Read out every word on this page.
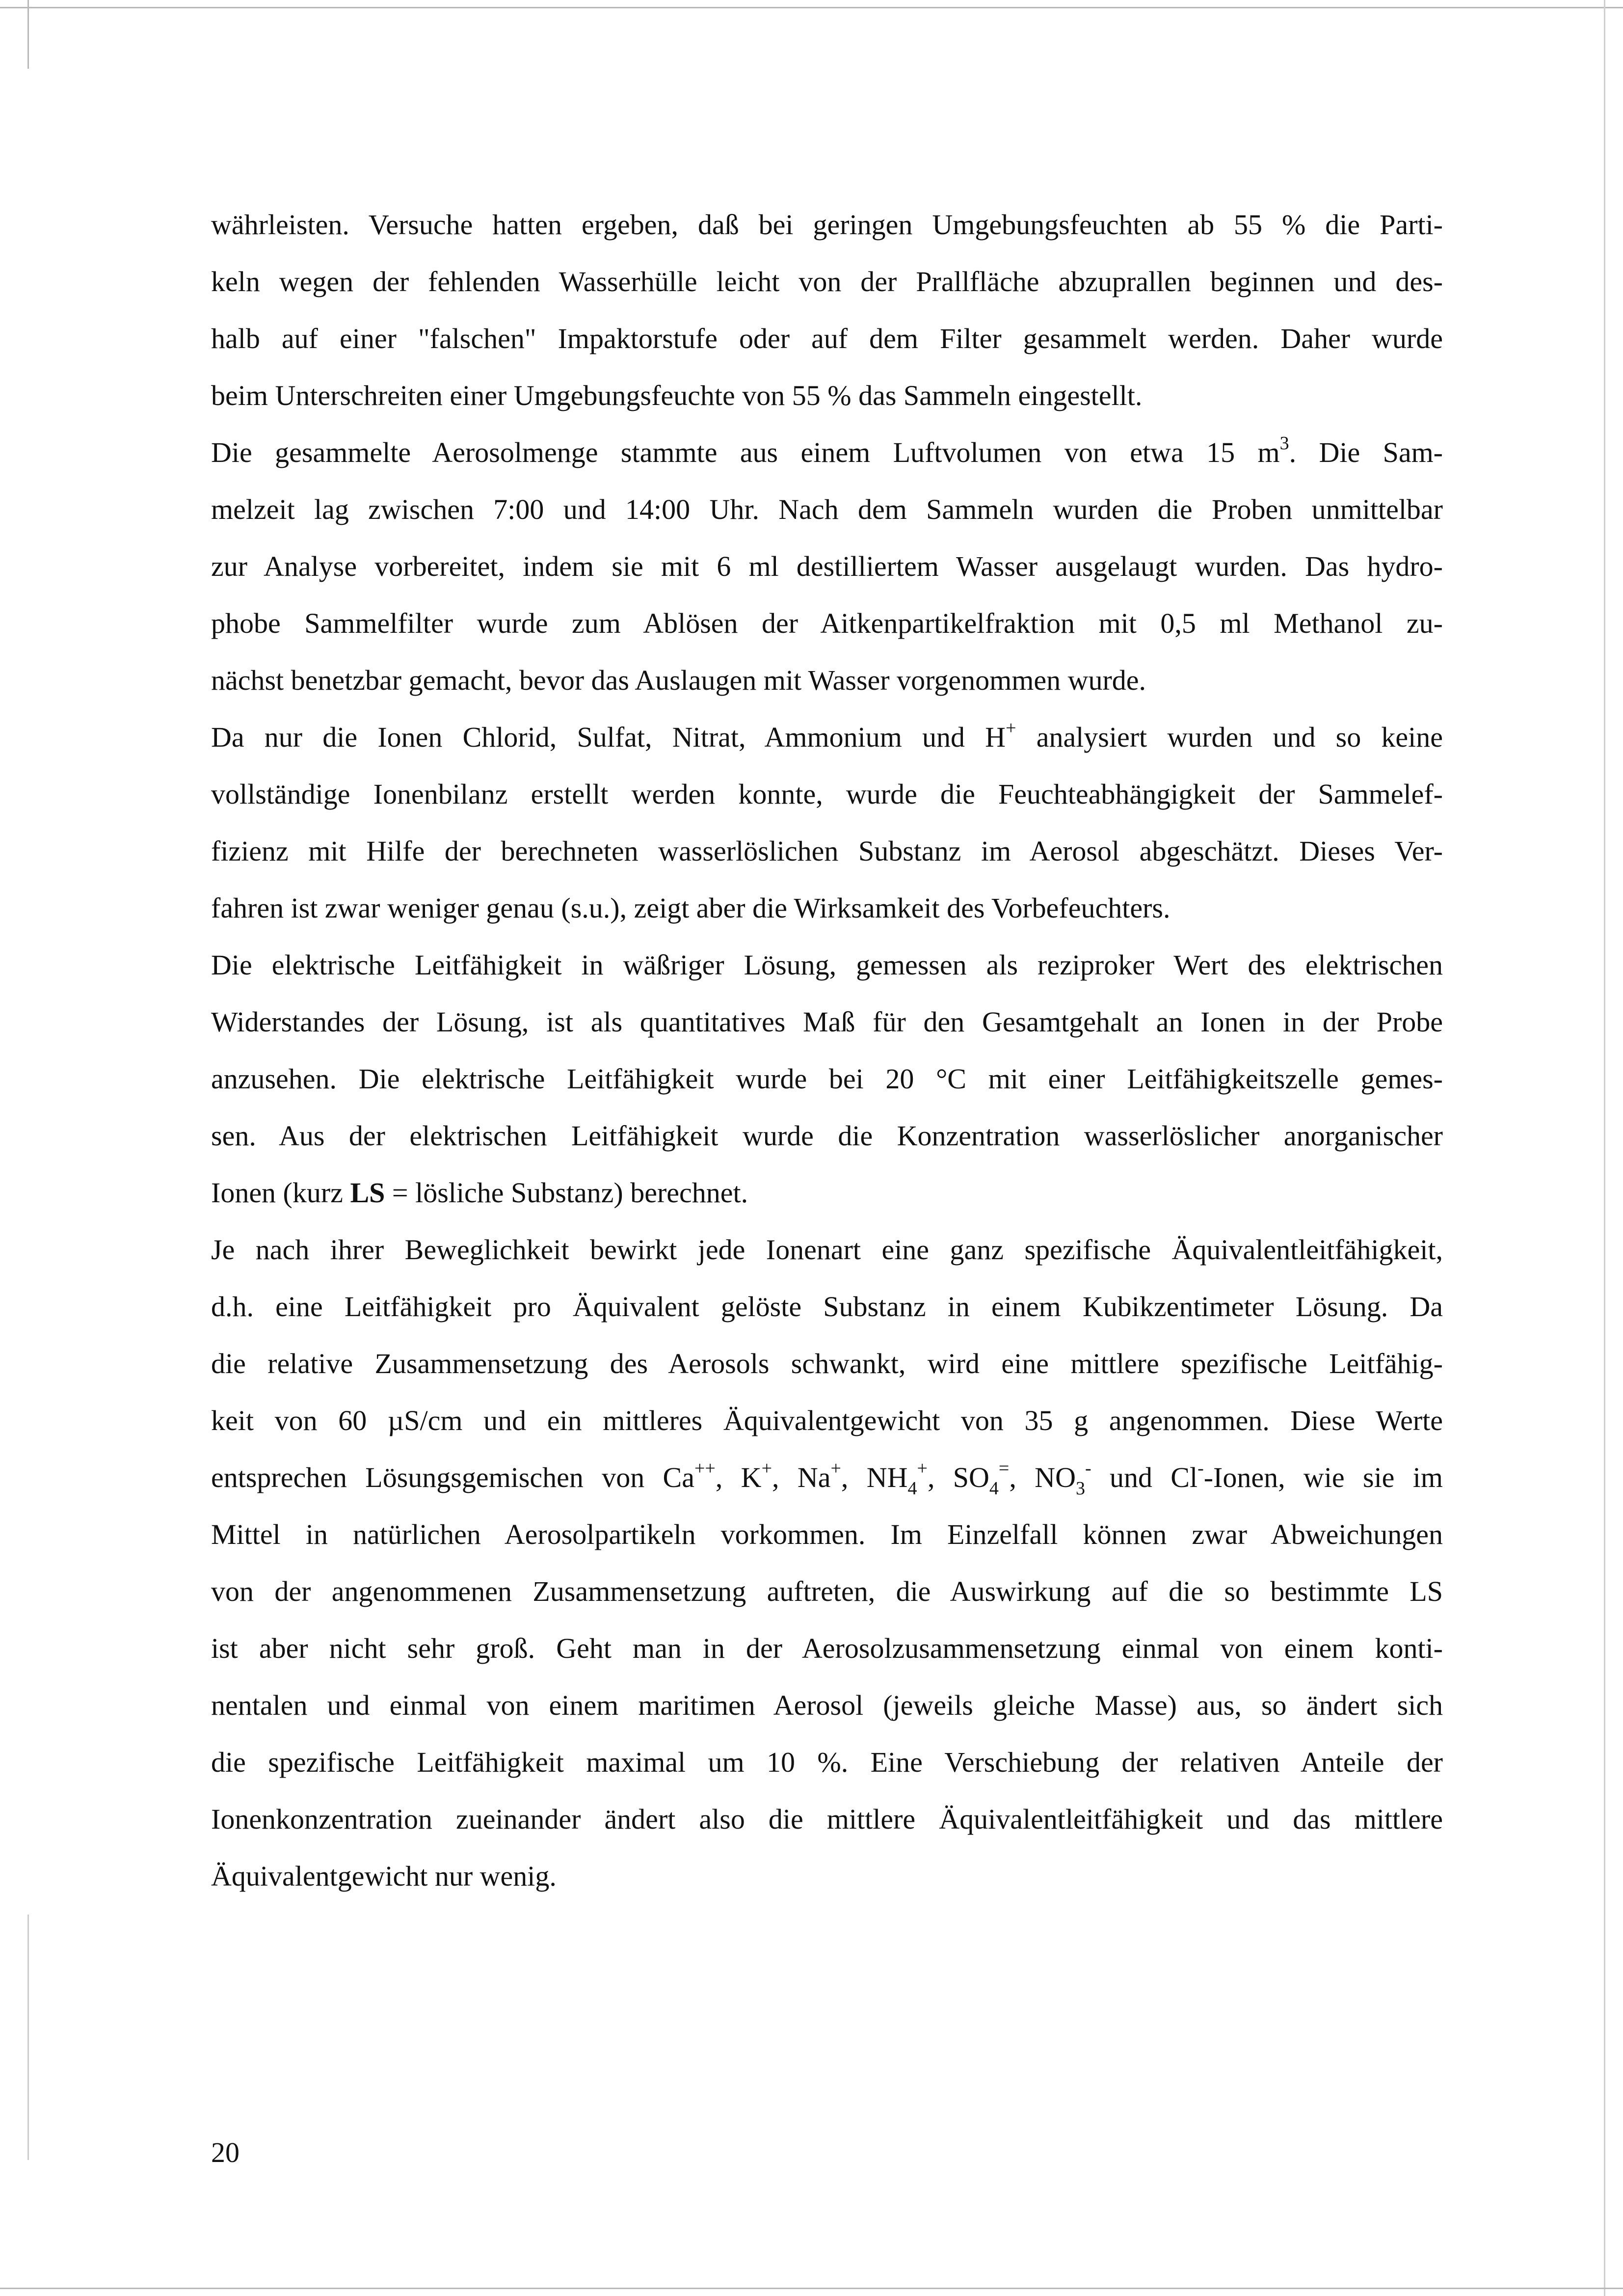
währleisten. Versuche hatten ergeben, daß bei geringen Umgebungsfeuchten ab 55 % die Parti-
keln wegen der fehlenden Wasserhülle leicht von der Prallfläche abzuprallen beginnen und des-
halb auf einer "falschen" Impaktorstufe oder auf dem Filter gesammelt werden. Daher wurde
beim Unterschreiten einer Umgebungsfeuchte von 55 % das Sammeln eingestellt.

Die gesammelte Aerosolmenge stammte aus einem Luftvolumen von etwa 15 $m^3$. Die Sam-
melzeit lag zwischen 7:00 und 14:00 Uhr. Nach dem Sammeln wurden die Proben unmittelbar
zur Analyse vorbereitet, indem sie mit 6 ml destilliertem Wasser ausgelaugt wurden. Das hydro-
phobe Sammelfilter wurde zum Ablösen der Aitkenpartikelfraktion mit 0,5 ml Methanol zu-
nächst benetzbar gemacht, bevor das Auslaugen mit Wasser vorgenommen wurde.

Da nur die Ionen Chlorid, Sulfat, Nitrat, Ammonium und H+ analysiert wurden und so keine
vollständige Ionenbilanz erstellt werden konnte, wurde die Feuchteabhängigkeit der Sammelef-
fizienz mit Hilfe der berechneten wasserlöslichen Substanz im Aerosol abgeschätzt. Dieses Ver-
fahren ist zwar weniger genau (s.u.), zeigt aber die Wirksamkeit des Vorbefeuchters.

Die elektrische Leitfähigkeit in wäßriger Lösung, gemessen als reziproker Wert des elektrischen
Widerstandes der Lösung, ist als quantitatives Maß für den Gesamtgehalt an Ionen in der Probe
anzusehen. Die elektrische Leitfähigkeit wurde bei 20 °C mit einer Leitfähigkeitszelle gemes-
sen. Aus der elektrischen Leitfähigkeit wurde die Konzentration wasserlöslicher anorganischer
Ionen (kurz LS = lösliche Substanz) berechnet.

Je nach ihrer Beweglichkeit bewirkt jede Ionenart eine ganz spezifische Äquivalentleitfähigkeit,
d.h. eine Leitfähigkeit pro Äquivalent gelöste Substanz in einem Kubikzentimeter Lösung. Da
die relative Zusammensetzung des Aerosols schwankt, wird eine mittlere spezifische Leitfähig-
keit von 60 µS/cm und ein mittleres Äquivalentgewicht von 35 g angenommen. Diese Werte
entsprechen Lösungsgemischen von Ca++, K+, Na+, $NH_4^+$, $SO_4^=$, $NO_3^-$ und Cl--Ionen, wie sie im
Mittel in natürlichen Aerosolpartikeln vorkommen. Im Einzelfall können zwar Abweichungen
von der angenommenen Zusammensetzung auftreten, die Auswirkung auf die so bestimmte LS
ist aber nicht sehr groß. Geht man in der Aerosolzusammensetzung einmal von einem konti-
nentalen und einmal von einem maritimen Aerosol (jeweils gleiche Masse) aus, so ändert sich
die spezifische Leitfähigkeit maximal um 10 %. Eine Verschiebung der relativen Anteile der
Ionenkonzentration zueinander ändert also die mittlere Äquivalentleitfähigkeit und das mittlere
Äquivalentgewicht nur wenig.

20
